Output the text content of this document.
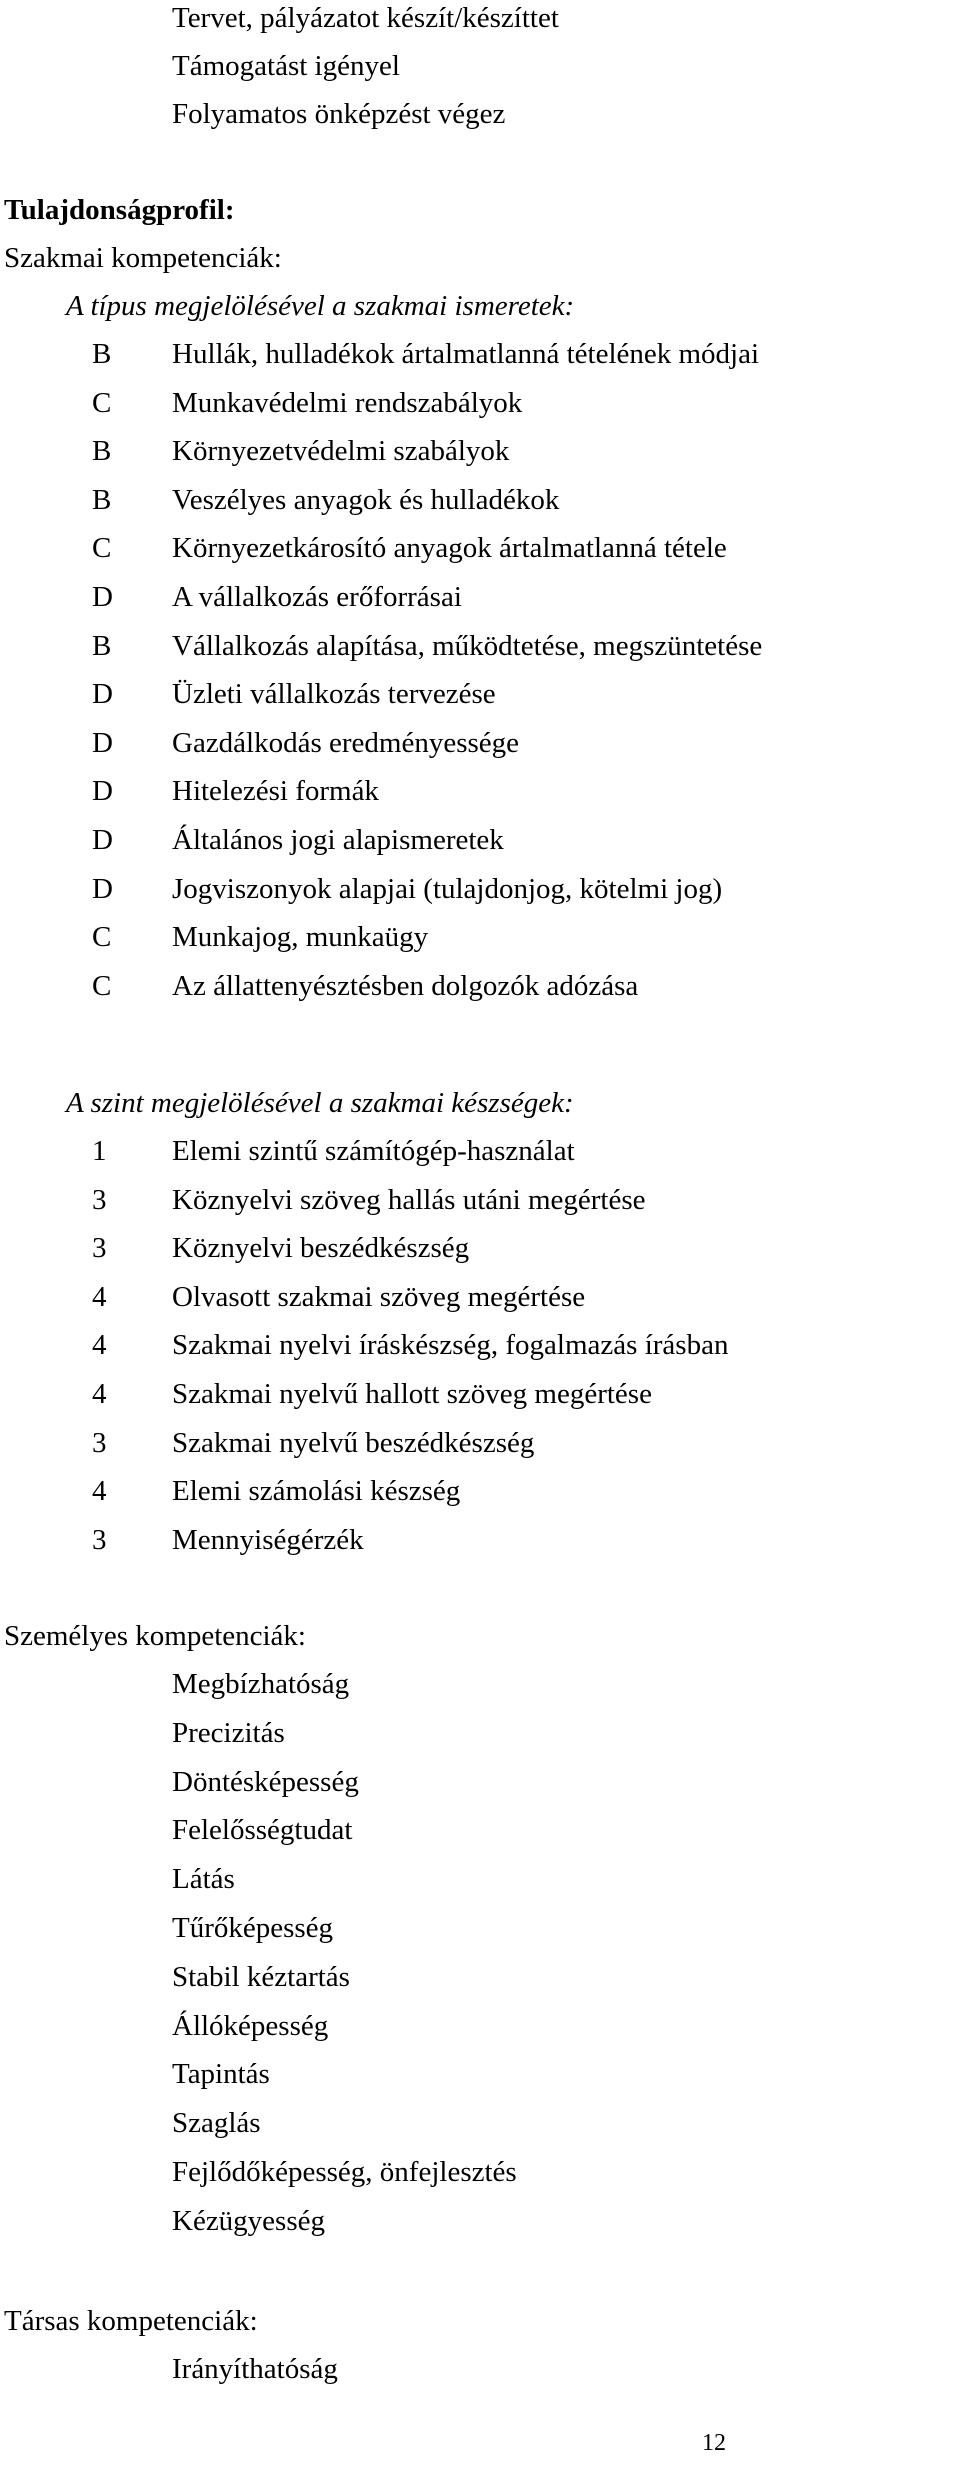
Tervet, pályázatot készít/készíttet
Támogatást igényel
Folyamatos önképzést végez
Tulajdonságprofil:
Szakmai kompetenciák:
A típus megjelölésével a szakmai ismeretek:
B Hullák, hulladékok ártalmatlanná tételének módjai
C Munkavédelmi rendszabályok
B Környezetvédelmi szabályok
B Veszélyes anyagok és hulladékok
C Környezetkárosító anyagok ártalmatlanná tétele
D A vállalkozás erőforrásai
B Vállalkozás alapítása, működtetése, megszüntetése
D Üzleti vállalkozás tervezése
D Gazdálkodás eredményessége
D Hitelezési formák
D Általános jogi alapismeretek
D Jogviszonyok alapjai (tulajdonjog, kötelmi jog)
C Munkajog, munkaügy
C Az állattenyésztésben dolgozók adózása
A szint megjelölésével a szakmai készségek:
1 Elemi szintű számítógép-használat
3 Köznyelvi szöveg hallás utáni megértése
3 Köznyelvi beszédkészség
4 Olvasott szakmai szöveg megértése
4 Szakmai nyelvi íráskészség, fogalmazás írásban
4 Szakmai nyelvű hallott szöveg megértése
3 Szakmai nyelvű beszédkészség
4 Elemi számolási készség
3 Mennyiségérzék
Személyes kompetenciák:
Megbízhatóság
Precizitás
Döntésképesség
Felelősségtudat
Látás
Tűrőképesség
Stabil kéztartás
Állóképesség
Tapintás
Szaglás
Fejlődőképesség, önfejlesztés
Kézügyesség
Társas kompetenciák:
Irányíthatóság
12
